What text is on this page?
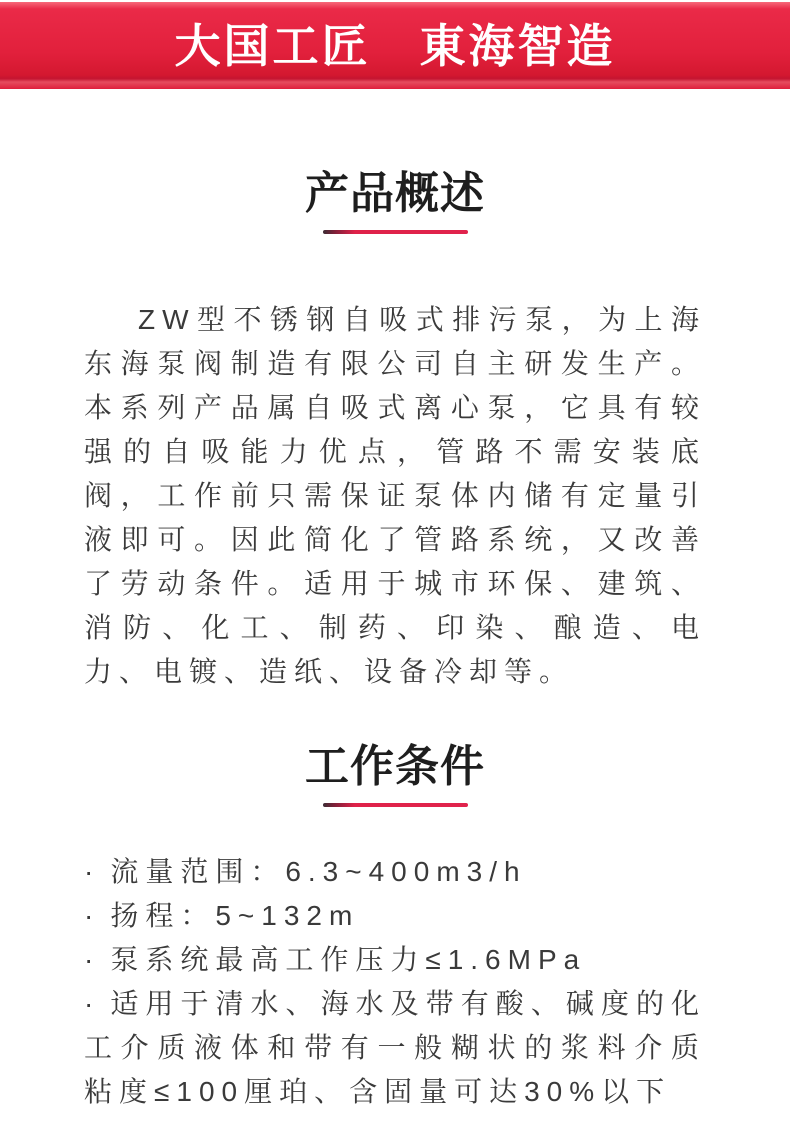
大国工匠　東海智造
产品概述

ZW型不锈钢自吸式排污泵，为上海东海泵阀制造有限公司自主研发生产。本系列产品属自吸式离心泵，它具有较强的自吸能力优点，管路不需安装底阀，工作前只需保证泵体内储有定量引液即可。因此简化了管路系统，又改善了劳动条件。适用于城市环保、建筑、消防、化工、制药、印染、酿造、电力、电镀、造纸、设备冷却等。

工作条件
· 流量范围：6.3~400m3/h
· 扬程：5~132m
· 泵系统最高工作压力≤1.6MPa
· 适用于清水、海水及带有酸、碱度的化工介质液体和带有一般糊状的浆料介质粘度≤100厘珀、含固量可达30%以下
